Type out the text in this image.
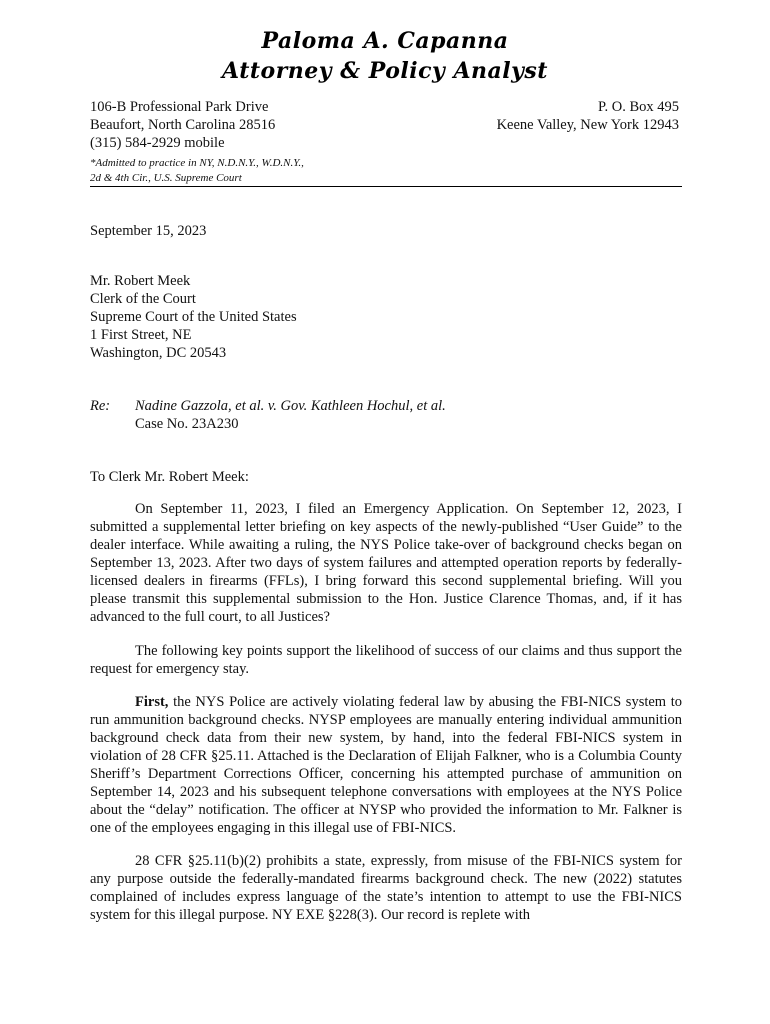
Paloma A. Capanna
Attorney & Policy Analyst
106-B Professional Park Drive
Beaufort, North Carolina 28516
(315) 584-2929 mobile
P. O. Box 495
Keene Valley, New York 12943
*Admitted to practice in NY, N.D.N.Y., W.D.N.Y.,
2d & 4th Cir., U.S. Supreme Court
September 15, 2023
Mr. Robert Meek
Clerk of the Court
Supreme Court of the United States
1 First Street, NE
Washington, DC 20543
Re: Nadine Gazzola, et al. v. Gov. Kathleen Hochul, et al.
Case No. 23A230
To Clerk Mr. Robert Meek:

On September 11, 2023, I filed an Emergency Application. On September 12, 2023, I submitted a supplemental letter briefing on key aspects of the newly-published “User Guide” to the dealer interface. While awaiting a ruling, the NYS Police take-over of background checks began on September 13, 2023. After two days of system failures and attempted operation reports by federally-licensed dealers in firearms (FFLs), I bring forward this second supplemental briefing. Will you please transmit this supplemental submission to the Hon. Justice Clarence Thomas, and, if it has advanced to the full court, to all Justices?

The following key points support the likelihood of success of our claims and thus support the request for emergency stay.

First, the NYS Police are actively violating federal law by abusing the FBI-NICS system to run ammunition background checks. NYSP employees are manually entering individual ammunition background check data from their new system, by hand, into the federal FBI-NICS system in violation of 28 CFR §25.11. Attached is the Declaration of Elijah Falkner, who is a Columbia County Sheriff’s Department Corrections Officer, concerning his attempted purchase of ammunition on September 14, 2023 and his subsequent telephone conversations with employees at the NYS Police about the “delay” notification. The officer at NYSP who provided the information to Mr. Falkner is one of the employees engaging in this illegal use of FBI-NICS.

28 CFR §25.11(b)(2) prohibits a state, expressly, from misuse of the FBI-NICS system for any purpose outside the federally-mandated firearms background check. The new (2022) statutes complained of includes express language of the state’s intention to attempt to use the FBI-NICS system for this illegal purpose. NY EXE §228(3). Our record is replete with
